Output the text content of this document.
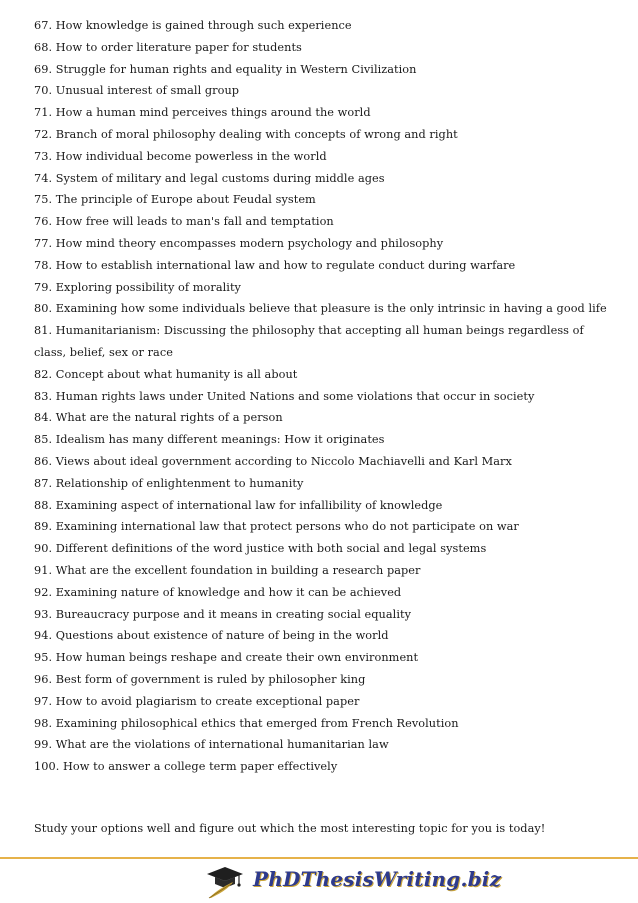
67. How knowledge is gained through such experience
68. How to order literature paper for students
69. Struggle for human rights and equality in Western Civilization
70. Unusual interest of small group
71. How a human mind perceives things around the world
72. Branch of moral philosophy dealing with concepts of wrong and right
73. How individual become powerless in the world
74. System of military and legal customs during middle ages
75. The principle of Europe about Feudal system
76. How free will leads to man's fall and temptation
77. How mind theory encompasses modern psychology and philosophy
78. How to establish international law and how to regulate conduct during warfare
79. Exploring possibility of morality
80. Examining how some individuals believe that pleasure is the only intrinsic in having a good life
81. Humanitarianism: Discussing the philosophy that accepting all human beings regardless of class, belief, sex or race
82. Concept about what humanity is all about
83. Human rights laws under United Nations and some violations that occur in society
84. What are the natural rights of a person
85. Idealism has many different meanings: How it originates
86. Views about ideal government according to Niccolo Machiavelli and Karl Marx
87. Relationship of enlightenment to humanity
88. Examining aspect of international law for infallibility of knowledge
89. Examining international law that protect persons who do not participate on war
90. Different definitions of the word justice with both social and legal systems
91. What are the excellent foundation in building a research paper
92. Examining nature of knowledge and how it can be achieved
93. Bureaucracy purpose and it means in creating social equality
94. Questions about existence of nature of being in the world
95. How human beings reshape and create their own environment
96. Best form of government is ruled by philosopher king
97. How to avoid plagiarism to create exceptional paper
98. Examining philosophical ethics that emerged from French Revolution
99. What are the violations of international humanitarian law
100. How to answer a college term paper effectively

Study your options well and figure out which the most interesting topic for you is today!

PhDThesisWriting.biz
